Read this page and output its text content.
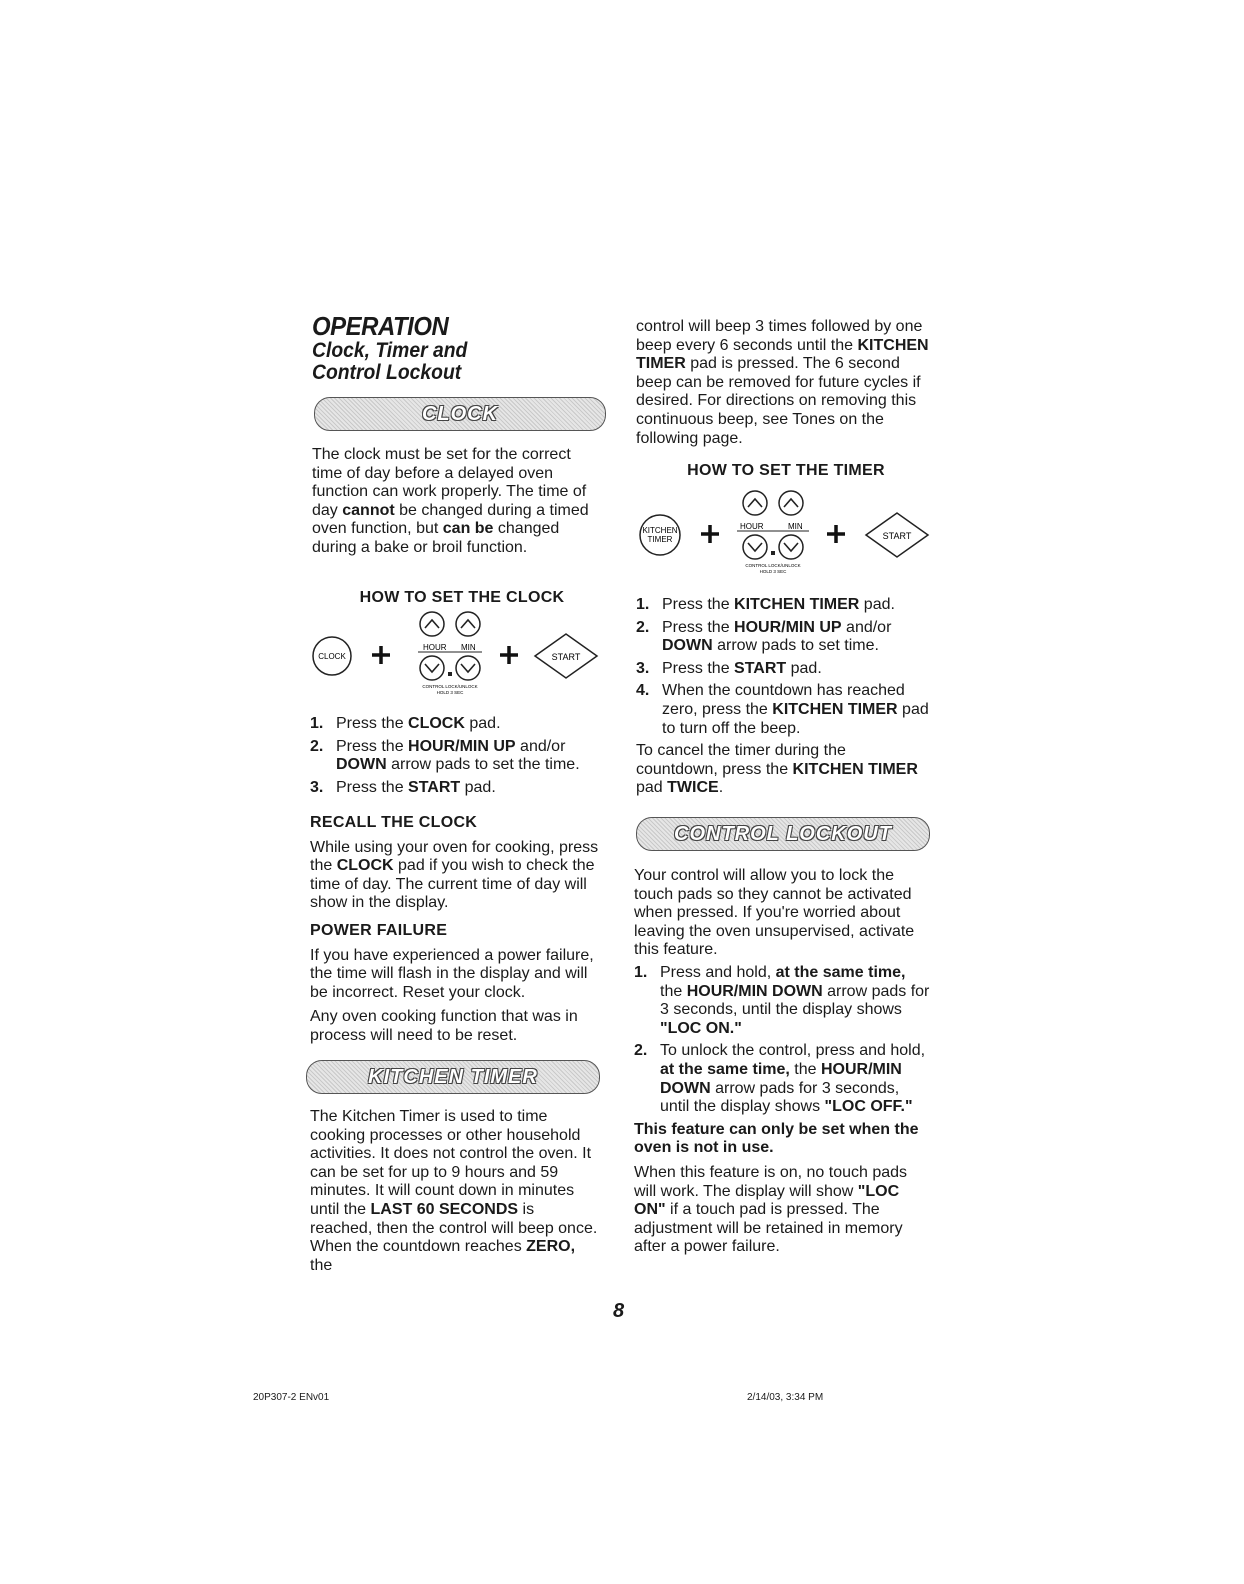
OPERATION
Clock, Timer and
Control Lockout
CLOCK

The clock must be set for the correct time of day before a delayed oven function can work properly. The time of day cannot be changed during a timed oven function, but can be changed during a bake or broil function.

HOW TO SET THE CLOCK
CLOCK
HOUR MIN
CONTROL LOCK/UNLOCK
HOLD 3 SEC
START
1. Press the CLOCK pad.
2. Press the HOUR/MIN UP and/or DOWN arrow pads to set the time.
3. Press the START pad.
RECALL THE CLOCK

While using your oven for cooking, press the CLOCK pad if you wish to check the time of day. The current time of day will show in the display.

POWER FAILURE

If you have experienced a power failure, the time will flash in the display and will be incorrect. Reset your clock.

Any oven cooking function that was in process will need to be reset.

KITCHEN TIMER

The Kitchen Timer is used to time cooking processes or other household activities. It does not control the oven. It can be set for up to 9 hours and 59 minutes. It will count down in minutes until the LAST 60 SECONDS is reached, then the control will beep once. When the countdown reaches ZERO, the

control will beep 3 times followed by one beep every 6 seconds until the KITCHEN TIMER pad is pressed. The 6 second beep can be removed for future cycles if desired. For directions on removing this continuous beep, see Tones on the following page.

HOW TO SET THE TIMER
KITCHEN
TIMER
HOUR	MIN
CONTROL LOCK/UNLOCK
HOLD 3 SEC
START
1. Press the KITCHEN TIMER pad.
2. Press the HOUR/MIN UP and/or DOWN arrow pads to set time.
3. Press the START pad.
4. When the countdown has reached zero, press the KITCHEN TIMER pad to turn off the beep.

To cancel the timer during the countdown, press the KITCHEN TIMER pad TWICE.

CONTROL LOCKOUT

Your control will allow you to lock the touch pads so they cannot be activated when pressed. If you're worried about leaving the oven unsupervised, activate this feature.

1. Press and hold, at the same time, the HOUR/MIN DOWN arrow pads for 3 seconds, until the display shows "LOC ON."
2. To unlock the control, press and hold, at the same time, the HOUR/MIN DOWN arrow pads for 3 seconds, until the display shows "LOC OFF."

This feature can only be set when the oven is not in use.

When this feature is on, no touch pads will work. The display will show "LOC ON" if a touch pad is pressed. The adjustment will be retained in memory after a power failure.

8
20P307-2 ENv01	2/14/03, 3:34 PM
